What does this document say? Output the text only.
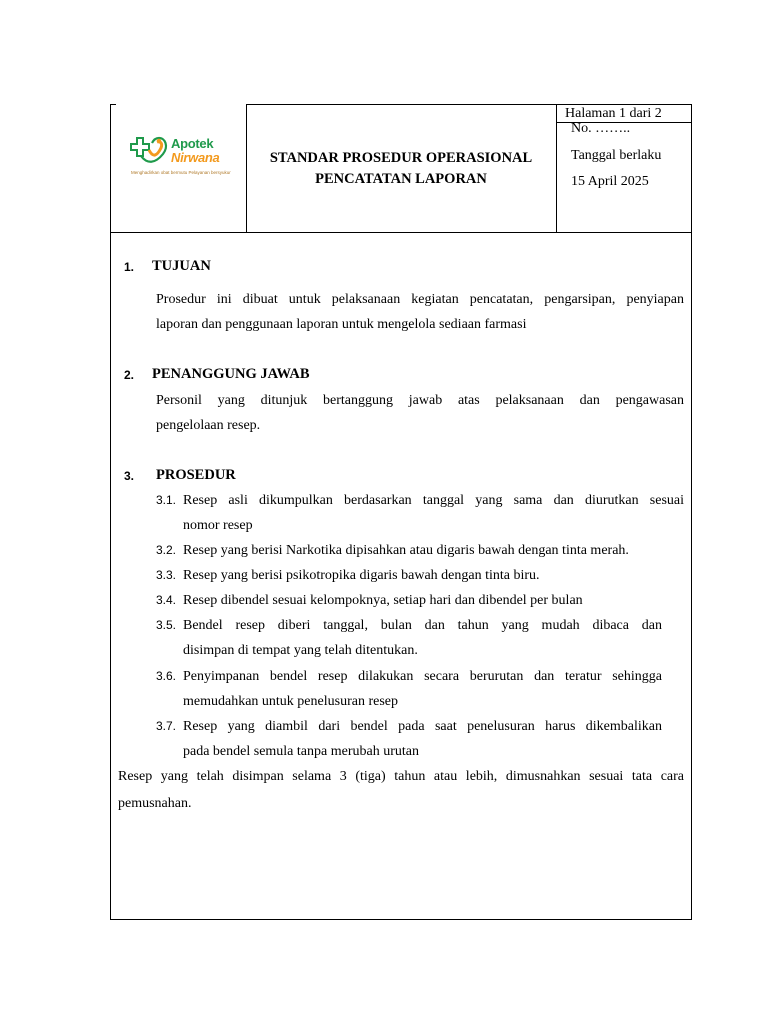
Apotek
Nirwana
Menghadirkan obat bermutu Pelayanan bersyukur
STANDAR PROSEDUR OPERASIONAL
PENCATATAN LAPORAN
Halaman 1 dari 2
No. ……..
Tanggal berlaku
15 April 2025
1. TUJUAN
Prosedur ini dibuat untuk pelaksanaan kegiatan pencatatan, pengarsipan, penyiapan
laporan dan penggunaan laporan untuk mengelola sediaan farmasi
2. PENANGGUNG JAWAB
Personil yang ditunjuk bertanggung jawab atas pelaksanaan dan pengawasan
pengelolaan resep.
3. PROSEDUR
3.1. Resep asli dikumpulkan berdasarkan tanggal yang sama dan diurutkan sesuai
nomor resep
3.2. Resep yang berisi Narkotika dipisahkan atau digaris bawah dengan tinta merah.
3.3. Resep yang berisi psikotropika digaris bawah dengan tinta biru.
3.4. Resep dibendel sesuai kelompoknya, setiap hari dan dibendel per bulan
3.5. Bendel resep diberi tanggal, bulan dan tahun yang mudah dibaca dan
disimpan di tempat yang telah ditentukan.
3.6. Penyimpanan bendel resep dilakukan secara berurutan dan teratur sehingga
memudahkan untuk penelusuran resep
3.7. Resep yang diambil dari bendel pada saat penelusuran harus dikembalikan
pada bendel semula tanpa merubah urutan
Resep yang telah disimpan selama 3 (tiga) tahun atau lebih, dimusnahkan sesuai tata cara
pemusnahan.
